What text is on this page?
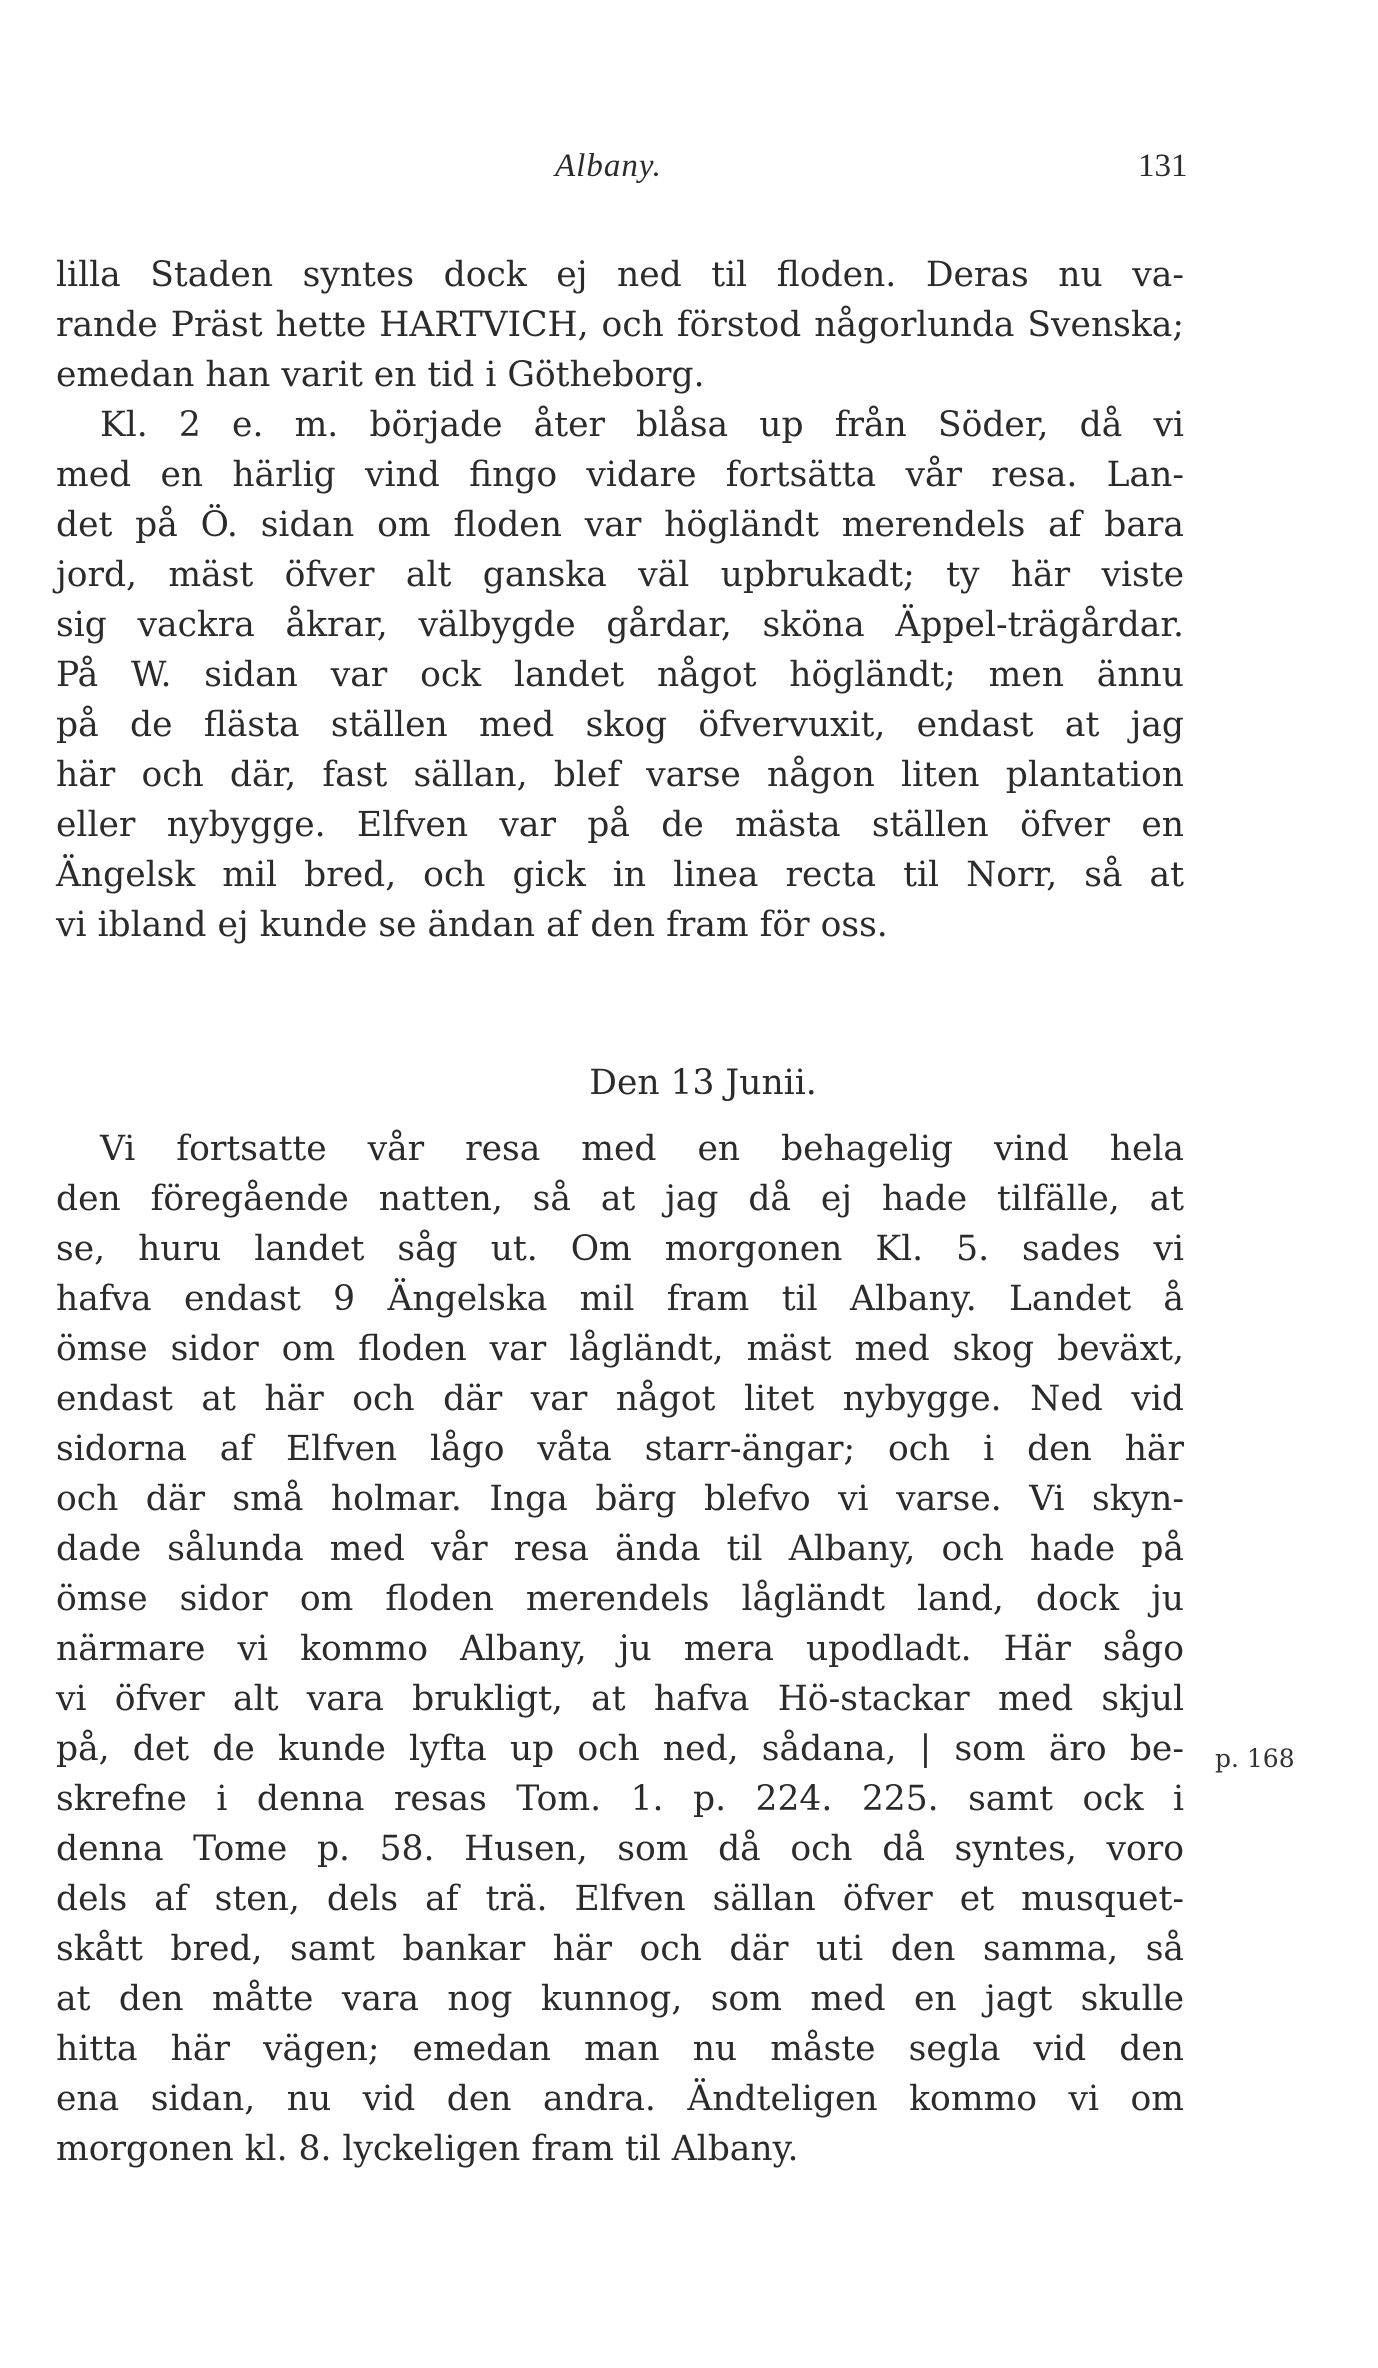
Albany.	131
lilla Staden syntes dock ej ned til floden. Deras nu va-
rande Präst hette HARTVICH, och förstod någorlunda Svenska;
emedan han varit en tid i Götheborg.
Kl. 2 e. m. började åter blåsa up från Söder, då vi
med en härlig vind fingo vidare fortsätta vår resa. Lan-
det på Ö. sidan om floden var högländt merendels af bara
jord, mäst öfver alt ganska väl upbrukadt; ty här viste
sig vackra åkrar, välbygde gårdar, sköna Äppel-trägårdar.
På W. sidan var ock landet något högländt; men ännu
på de flästa ställen med skog öfvervuxit, endast at jag
här och där, fast sällan, blef varse någon liten plantation
eller nybygge. Elfven var på de mästa ställen öfver en
Ängelsk mil bred, och gick in linea recta til Norr, så at
vi ibland ej kunde se ändan af den fram för oss.
Den 13 Junii.
Vi fortsatte vår resa med en behagelig vind hela
den föregående natten, så at jag då ej hade tilfälle, at
se, huru landet såg ut. Om morgonen Kl. 5. sades vi
hafva endast 9 Ängelska mil fram til Albany. Landet å
ömse sidor om floden var lågländt, mäst med skog beväxt,
endast at här och där var något litet nybygge. Ned vid
sidorna af Elfven lågo våta starr-ängar; och i den här
och där små holmar. Inga bärg blefvo vi varse. Vi skyn-
dade sålunda med vår resa ända til Albany, och hade på
ömse sidor om floden merendels lågländt land, dock ju
närmare vi kommo Albany, ju mera upodladt. Här sågo
vi öfver alt vara brukligt, at hafva Hö-stackar med skjul
på, det de kunde lyfta up och ned, sådana, | som äro be-
skrefne i denna resas Tom. 1. p. 224. 225. samt ock i
denna Tome p. 58. Husen, som då och då syntes, voro
dels af sten, dels af trä. Elfven sällan öfver et musquet-
skått bred, samt bankar här och där uti den samma, så
at den måtte vara nog kunnog, som med en jagt skulle
hitta här vägen; emedan man nu måste segla vid den
ena sidan, nu vid den andra. Ändteligen kommo vi om
morgonen kl. 8. lyckeligen fram til Albany.
p. 168
